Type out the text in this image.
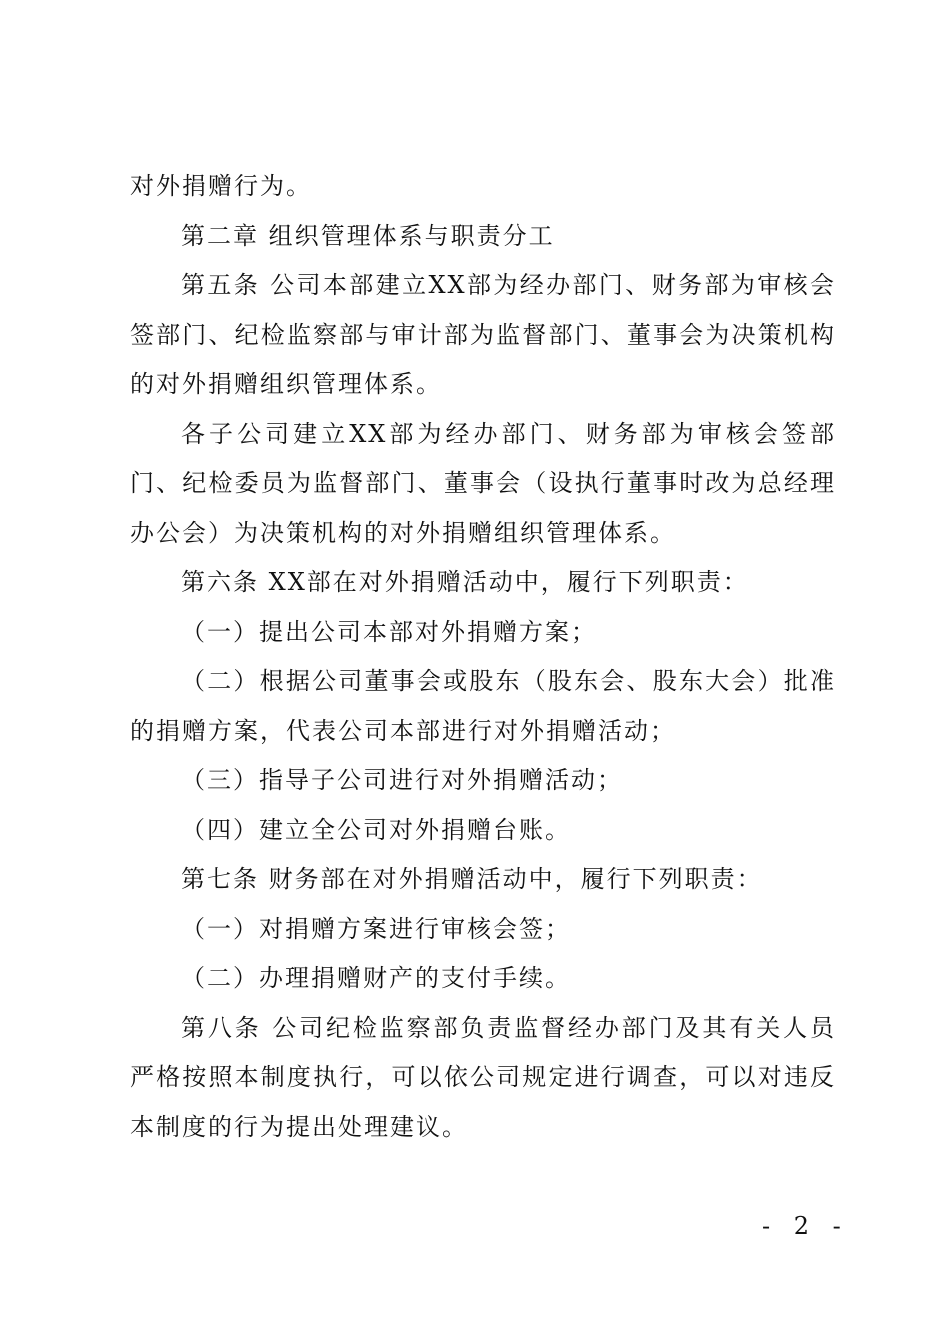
对外捐赠行为。

第二章 组织管理体系与职责分工

第五条 公司本部建立XX部为经办部门、财务部为审核会签部门、纪检监察部与审计部为监督部门、董事会为决策机构的对外捐赠组织管理体系。

各子公司建立XX部为经办部门、财务部为审核会签部门、纪检委员为监督部门、董事会（设执行董事时改为总经理办公会）为决策机构的对外捐赠组织管理体系。

第六条 XX部在对外捐赠活动中，履行下列职责：

（一）提出公司本部对外捐赠方案；

（二）根据公司董事会或股东（股东会、股东大会）批准的捐赠方案，代表公司本部进行对外捐赠活动；

（三）指导子公司进行对外捐赠活动；

（四）建立全公司对外捐赠台账。

第七条 财务部在对外捐赠活动中，履行下列职责：

（一）对捐赠方案进行审核会签；

（二）办理捐赠财产的支付手续。

第八条 公司纪检监察部负责监督经办部门及其有关人员严格按照本制度执行，可以依公司规定进行调查，可以对违反本制度的行为提出处理建议。

- 2 -
